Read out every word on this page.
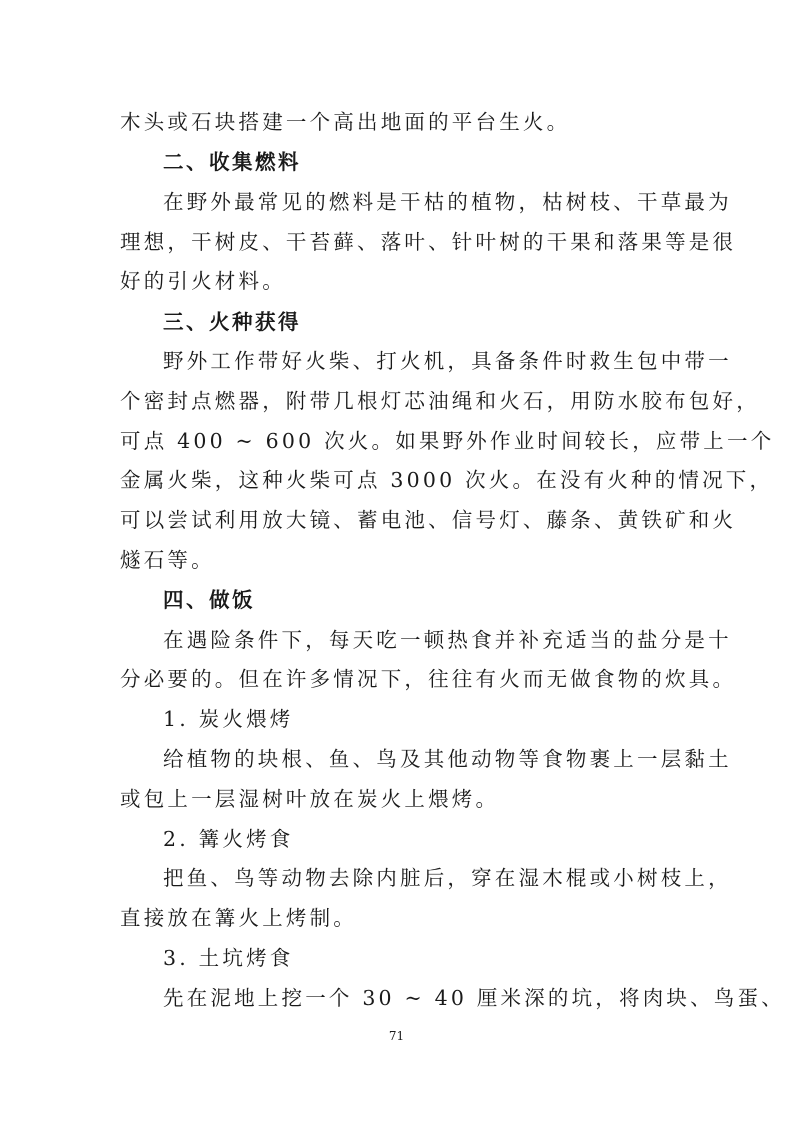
木头或石块搭建一个高出地面的平台生火。
二、收集燃料
在野外最常见的燃料是干枯的植物，枯树枝、干草最为
理想，干树皮、干苔藓、落叶、针叶树的干果和落果等是很
好的引火材料。
三、火种获得
野外工作带好火柴、打火机，具备条件时救生包中带一
个密封点燃器，附带几根灯芯油绳和火石，用防水胶布包好，
可点 400 ~ 600 次火。如果野外作业时间较长，应带上一个
金属火柴，这种火柴可点 3000 次火。在没有火种的情况下，
可以尝试利用放大镜、蓄电池、信号灯、藤条、黄铁矿和火
燧石等。
四、做饭
在遇险条件下，每天吃一顿热食并补充适当的盐分是十
分必要的。但在许多情况下，往往有火而无做食物的炊具。
1. 炭火煨烤
给植物的块根、鱼、鸟及其他动物等食物裹上一层黏土
或包上一层湿树叶放在炭火上煨烤。
2. 篝火烤食
把鱼、鸟等动物去除内脏后，穿在湿木棍或小树枝上，
直接放在篝火上烤制。
3. 土坑烤食
先在泥地上挖一个 30 ~ 40 厘米深的坑，将肉块、鸟蛋、
71
